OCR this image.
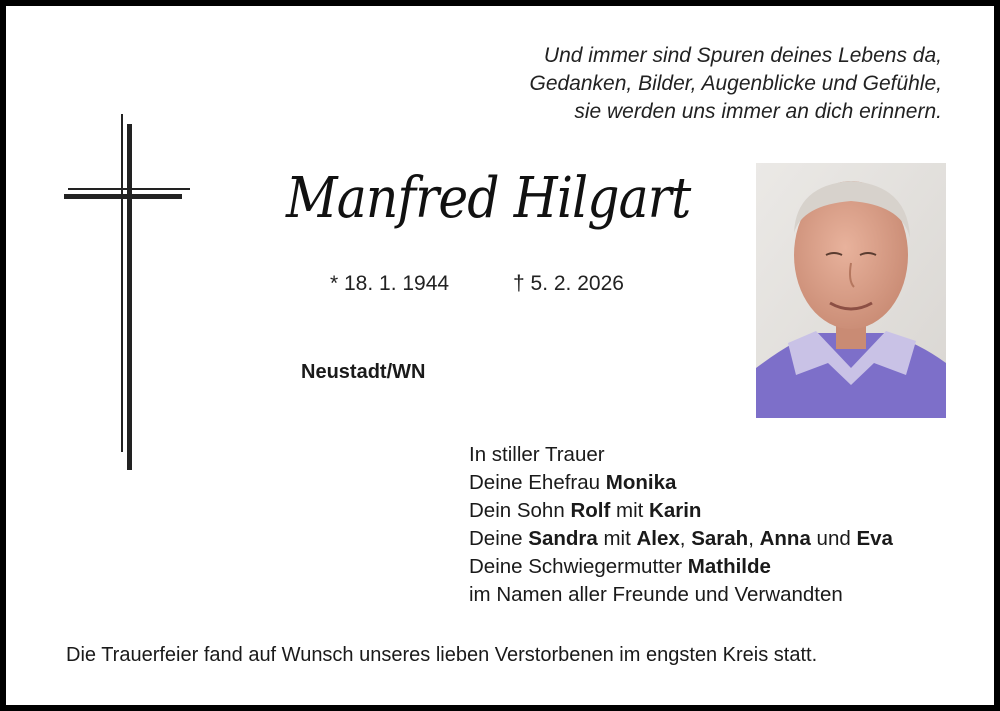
Und immer sind Spuren deines Lebens da,
Gedanken, Bilder, Augenblicke und Gefühle,
sie werden uns immer an dich erinnern.
Manfred Hilgart
* 18. 1. 1944	† 5. 2. 2026
Neustadt/WN
In stiller Trauer
Deine Ehefrau Monika
Dein Sohn Rolf mit Karin
Deine Sandra mit Alex, Sarah, Anna und Eva
Deine Schwiegermutter Mathilde
im Namen aller Freunde und Verwandten
Die Trauerfeier fand auf Wunsch unseres lieben Verstorbenen im engsten Kreis statt.
